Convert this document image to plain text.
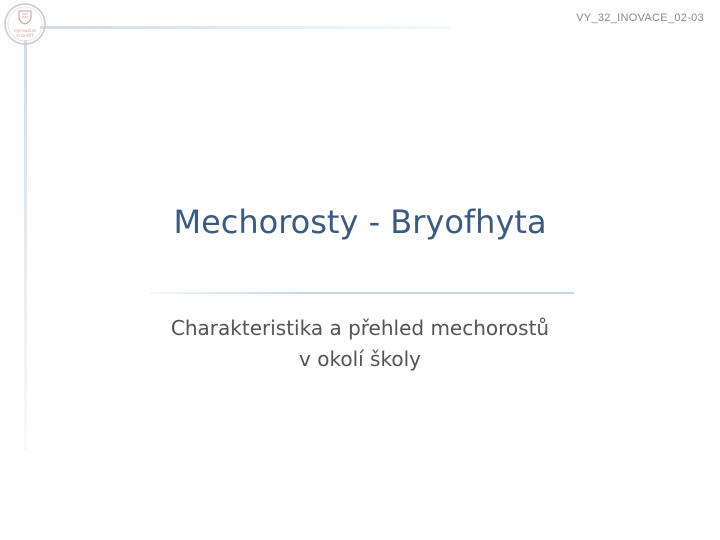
Gymnázium
Kroměříž
VY_32_INOVACE_02-03
Mechorosty - Bryofhyta
Charakteristika a přehled mechorostů
v okolí školy
